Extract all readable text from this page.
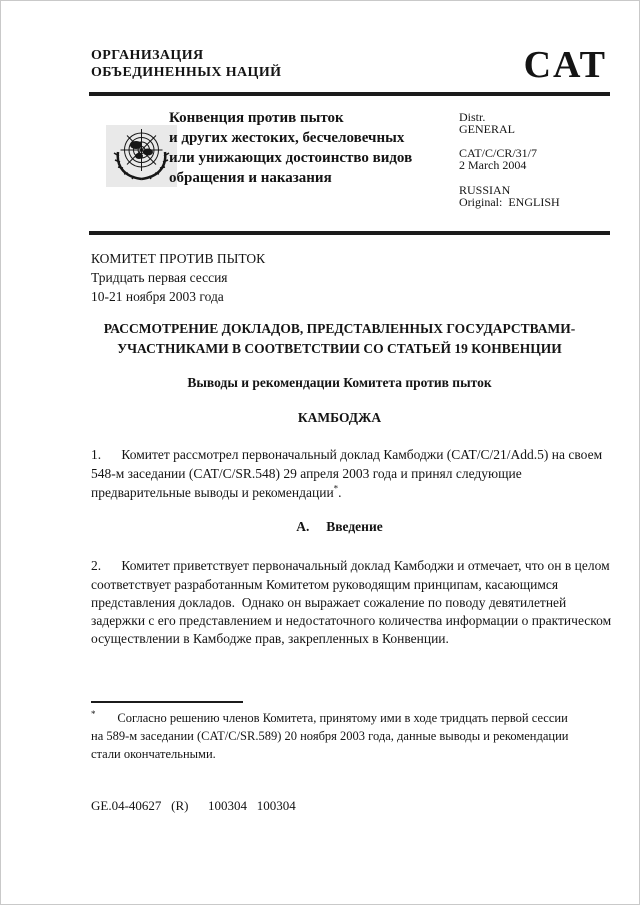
ОРГАНИЗАЦИЯ
ОБЪЕДИНЕННЫХ НАЦИЙ	CAT

Конвенция против пыток
и других жестоких, бесчеловечных
или унижающих достоинство видов
обращения и наказания
Distr.
GENERAL
CAT/C/CR/31/7
2 March 2004
RUSSIAN
Original:  ENGLISH
КОМИТЕТ ПРОТИВ ПЫТОК
Тридцать первая сессия
10-21 ноября 2003 года
РАССМОТРЕНИЕ ДОКЛАДОВ, ПРЕДСТАВЛЕННЫХ ГОСУДАРСТВАМИ-
УЧАСТНИКАМИ В СООТВЕТСТВИИ СО СТАТЬЕЙ 19 КОНВЕНЦИИ
Выводы и рекомендации Комитета против пыток
КАМБОДЖА
1.      Комитет рассмотрел первоначальный доклад Камбоджи (CAT/C/21/Add.5) на своем
548-м заседании (CAT/C/SR.548) 29 апреля 2003 года и принял следующие
предварительные выводы и рекомендации*.
А.     Введение
2.      Комитет приветствует первоначальный доклад Камбоджи и отмечает, что он в целом
соответствует разработанным Комитетом руководящим принципам, касающимся
представления докладов.  Однако он выражает сожаление по поводу девятилетней
задержки с его представлением и недостаточного количества информации о практическом
осуществлении в Камбодже прав, закрепленных в Конвенции.
*       Согласно решению членов Комитета, принятому ими в ходе тридцать первой сессии
на 589-м заседании (CAT/C/SR.589) 20 ноября 2003 года, данные выводы и рекомендации
стали окончательными.
GE.04-40627   (R)      100304   100304
